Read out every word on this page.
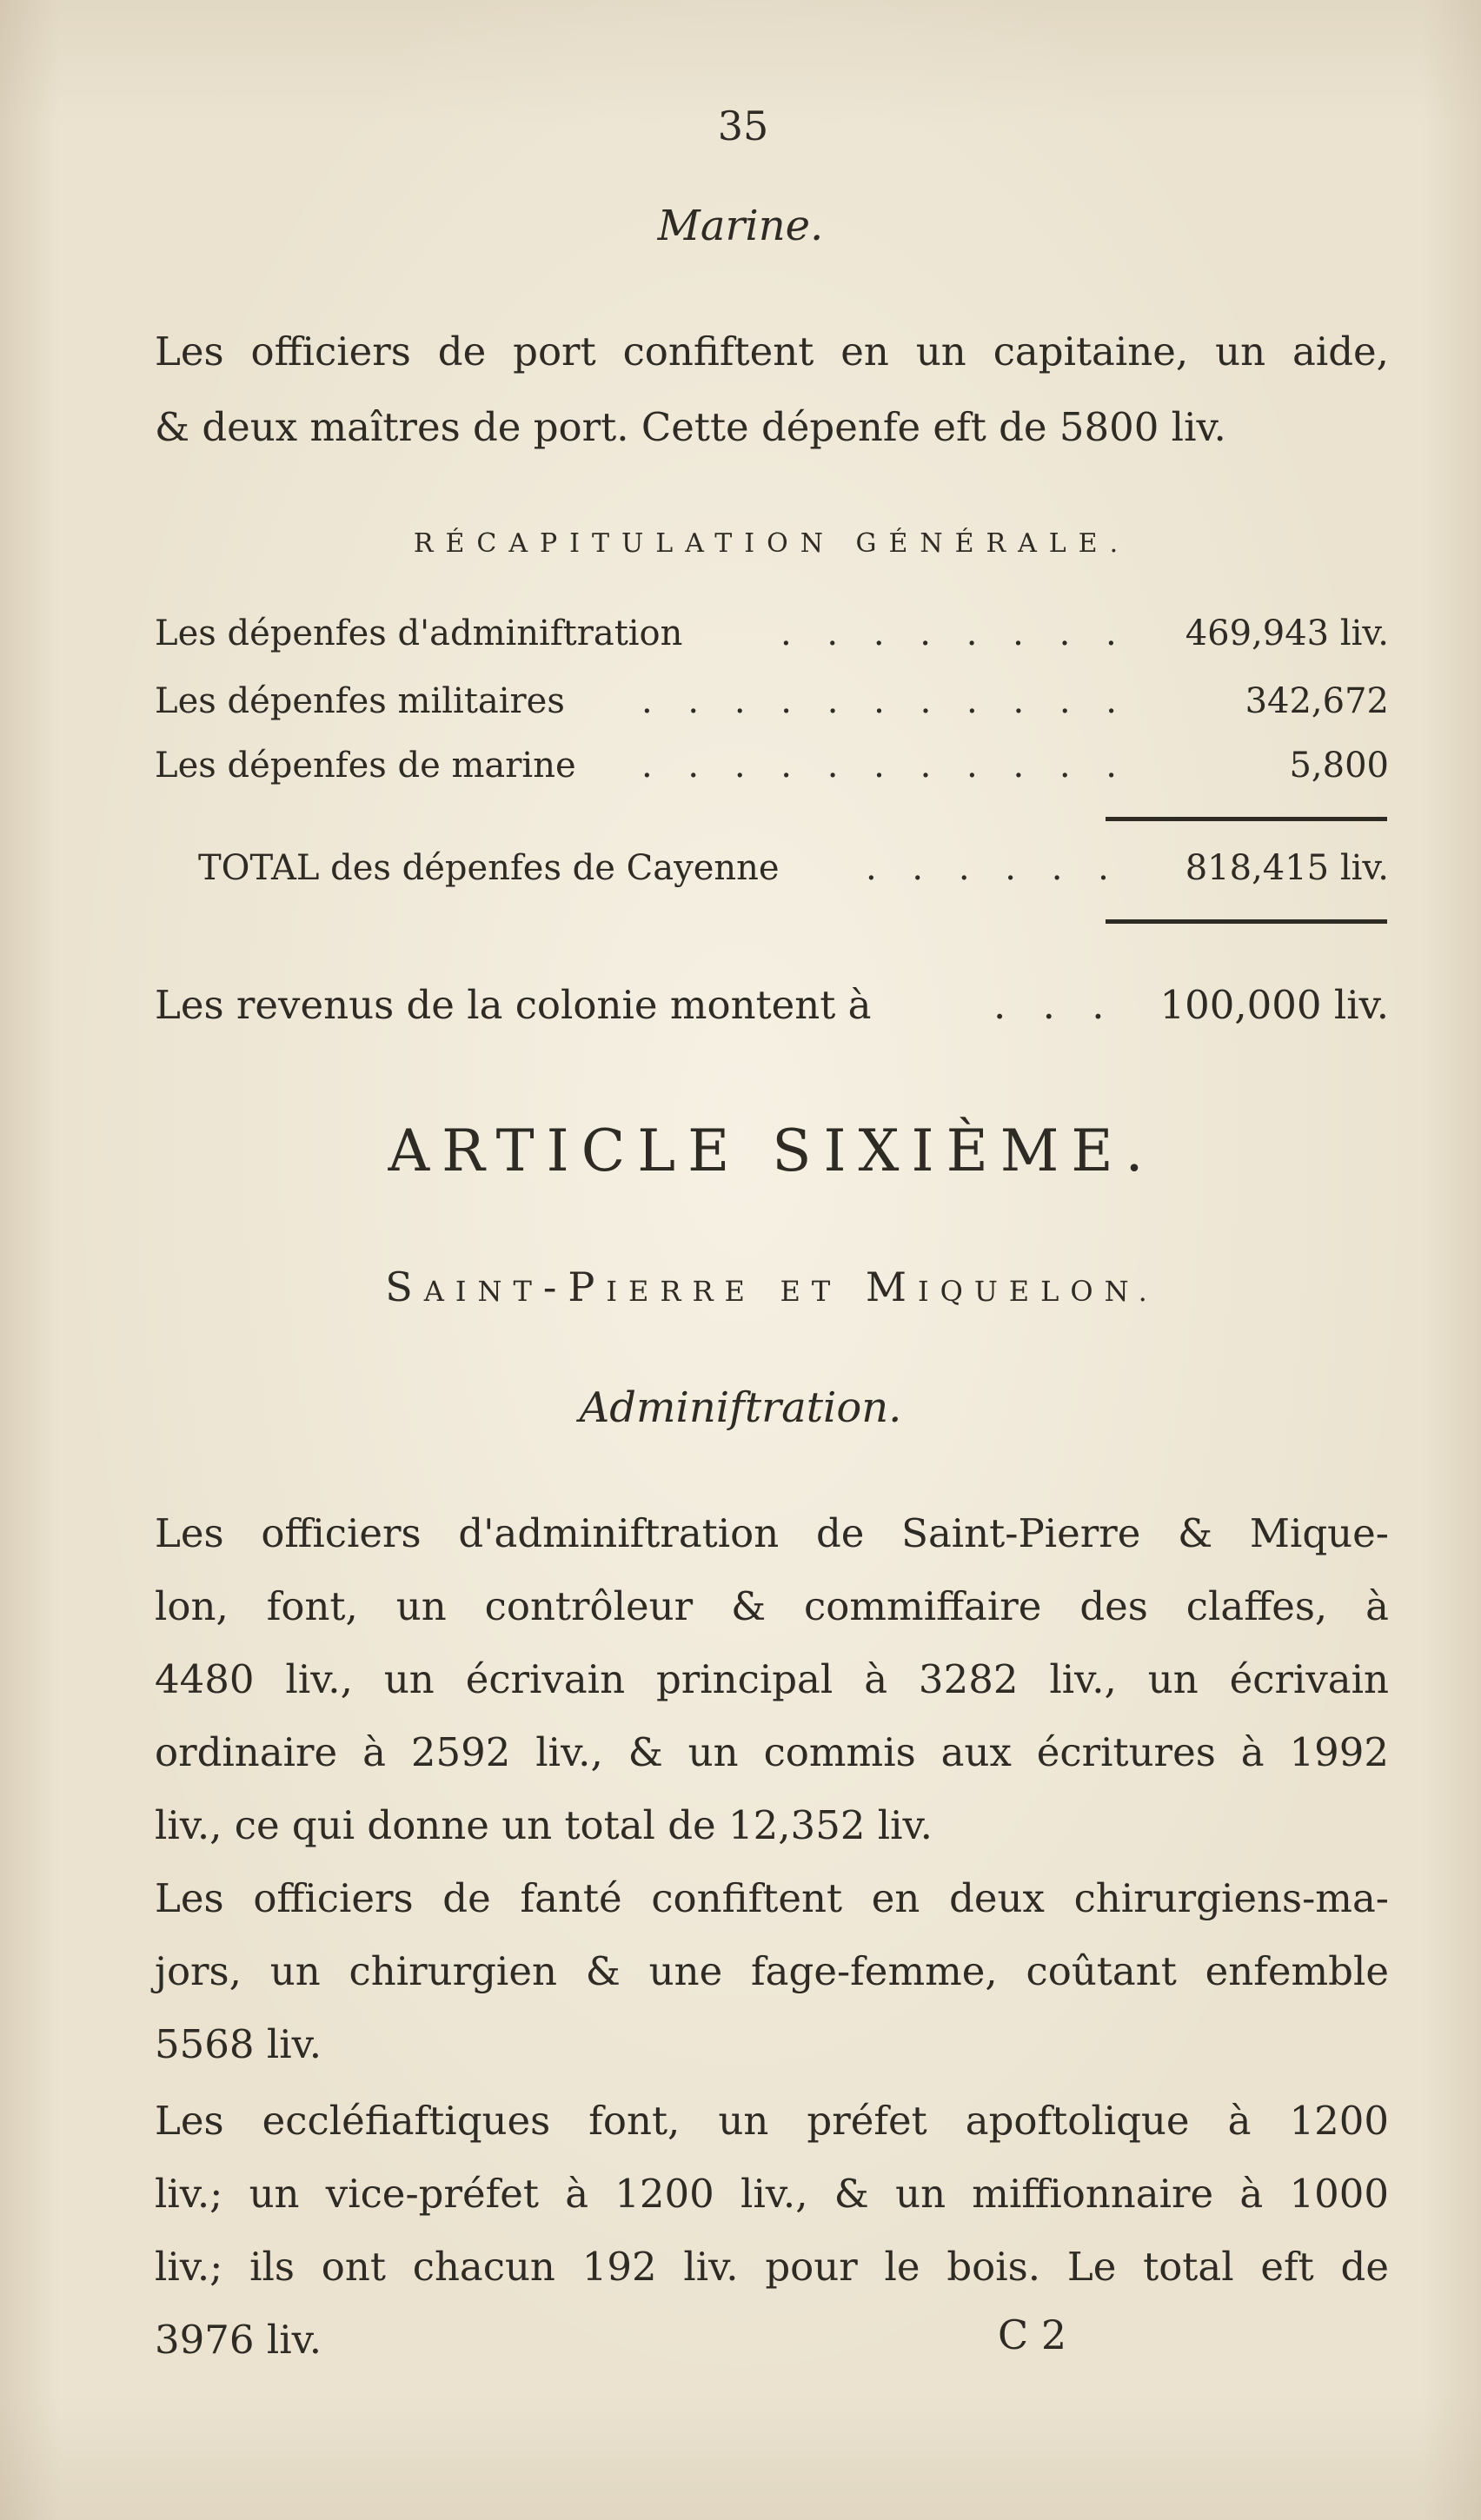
35
Marine.
Les officiers de port confiftent en un capitaine, un aide,
& deux maîtres de port. Cette dépenfe eft de 5800 liv.
RÉCAPITULATION GÉNÉRALE.
Les dépenfes d'adminiftration	. . . . . . . . 469,943 liv.
Les dépenfes militaires . . . . . . . . . . .	342,672
Les dépenfes de marine . . . . . . . . . . .	5,800
TOTAL des dépenfes de Cayenne . . . . . . 818,415 liv.
Les revenus de la colonie montent à	. . . 100,000 liv.
ARTICLE SIXIÈME.
SAINT-PIERRE ET MIQUELON.
Adminiftration.
Les officiers d'adminiftration de Saint-Pierre & Mique-
lon, font, un contrôleur & commiffaire des claffes, à
4480 liv., un écrivain principal à 3282 liv., un écrivain
ordinaire à 2592 liv., & un commis aux écritures à 1992
liv., ce qui donne un total de 12,352 liv.
Les officiers de fanté confiftent en deux chirurgiens-ma-
jors, un chirurgien & une fage-femme, coûtant enfemble
5568 liv.
Les eccléfiaftiques font, un préfet apoftolique à 1200
liv.; un vice-préfet à 1200 liv., & un miffionnaire à 1000
liv.; ils ont chacun 192 liv. pour le bois. Le total eft de
3976 liv.	C 2
